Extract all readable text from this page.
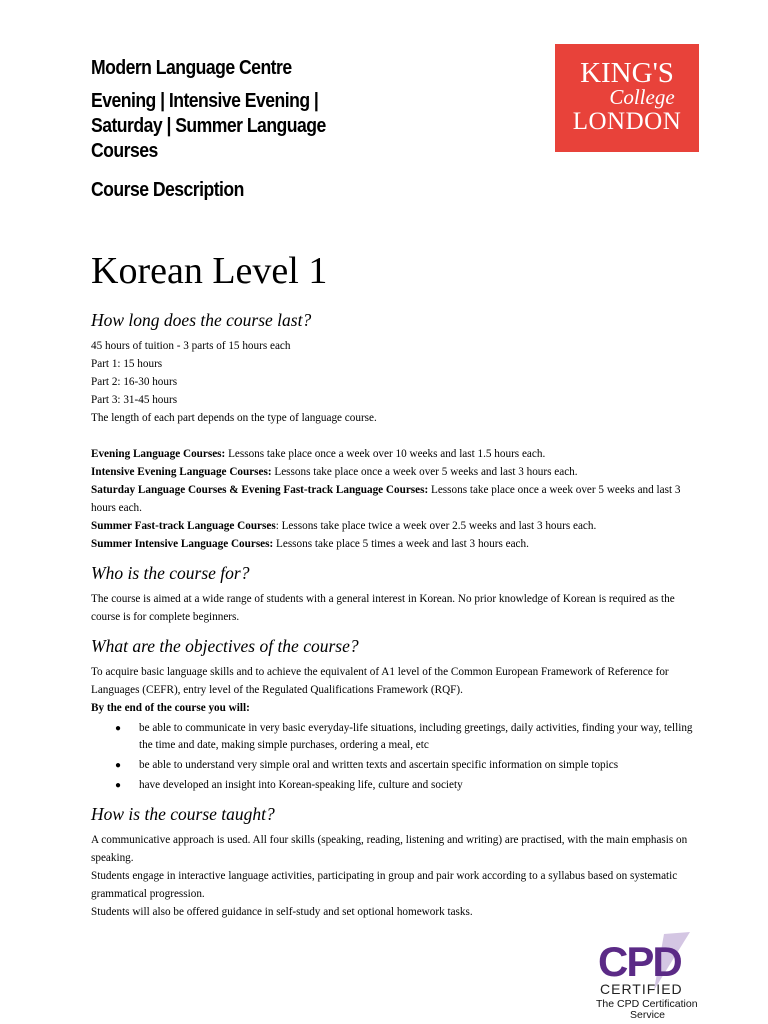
Modern Language Centre
Evening | Intensive Evening |
Saturday | Summer Language
Courses
Course Description
KING'S
College
LONDON
Korean Level 1
How long does the course last?

45 hours of tuition - 3 parts of 15 hours each

Part 1: 15 hours

Part 2: 16-30 hours

Part 3: 31-45 hours

The length of each part depends on the type of language course.

Evening Language Courses: Lessons take place once a week over 10 weeks and last 1.5 hours each.

Intensive Evening Language Courses: Lessons take place once a week over 5 weeks and last 3 hours each.

Saturday Language Courses & Evening Fast-track Language Courses: Lessons take place once a week over 5 weeks and last 3 hours each.

Summer Fast-track Language Courses: Lessons take place twice a week over 2.5 weeks and last 3 hours each.

Summer Intensive Language Courses: Lessons take place 5 times a week and last 3 hours each.

Who is the course for?

The course is aimed at a wide range of students with a general interest in Korean. No prior knowledge of Korean is required as the course is for complete beginners.

What are the objectives of the course?

To acquire basic language skills and to achieve the equivalent of A1 level of the Common European Framework of Reference for Languages (CEFR), entry level of the Regulated Qualifications Framework (RQF).

By the end of the course you will:

● be able to communicate in very basic everyday-life situations, including greetings, daily activities, finding your way, telling the time and date, making simple purchases, ordering a meal, etc
● be able to understand very simple oral and written texts and ascertain specific information on simple topics
● have developed an insight into Korean-speaking life, culture and society
How is the course taught?

A communicative approach is used. All four skills (speaking, reading, listening and writing) are practised, with the main emphasis on speaking.

Students engage in interactive language activities, participating in group and pair work according to a syllabus based on systematic grammatical progression.

Students will also be offered guidance in self-study and set optional homework tasks.

CPD
CERTIFIED
The CPD Certification
Service
